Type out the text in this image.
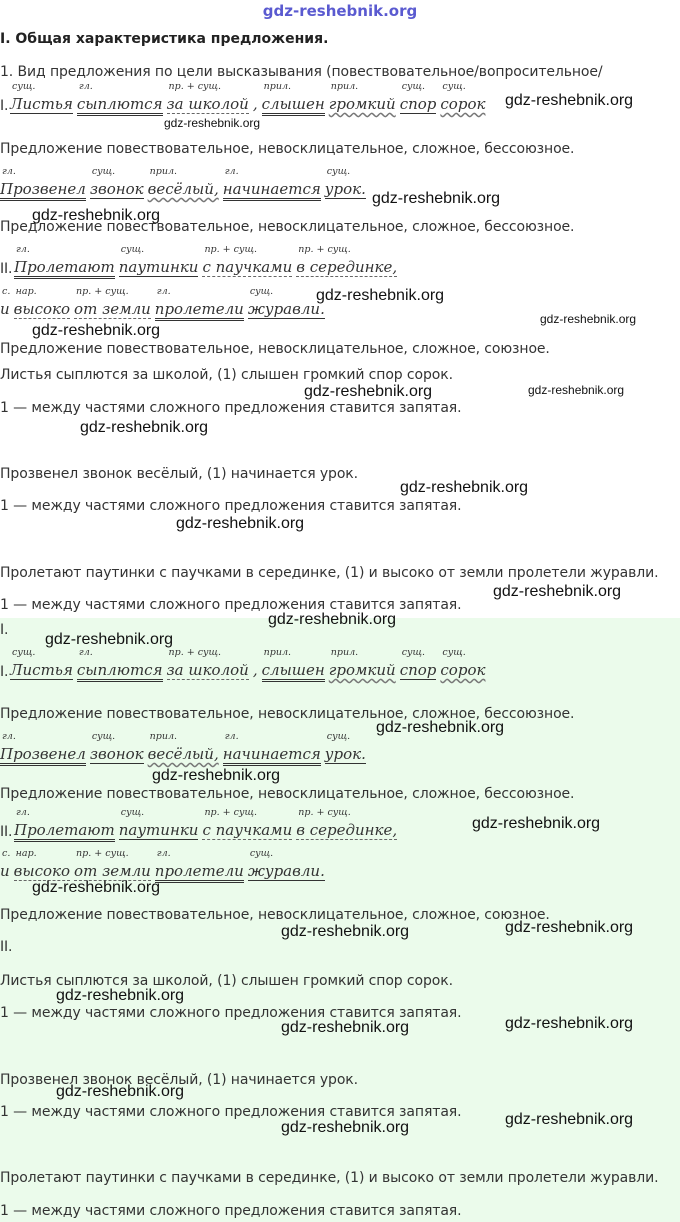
gdz-reshebnik.org
I. Общая характеристика предложения.
1. Вид предложения по цели высказывания (повествовательное/вопросительное/
I. Листья
сущ.
сыплются
гл.
за школой
пр. + сущ.
, слышен
прил.
громкий
прил.
спор
сущ.
сорок
сущ.
gdz-reshebnik.org
gdz-reshebnik.org
Предложение повествовательное, невосклицательное, сложное, бессоюзное.
Прозвенел
гл.
звонок
сущ.
весёлый,
прил.
начинается
гл.
урок.
сущ.
gdz-reshebnik.org
gdz-reshebnik.org
Предложение повествовательное, невосклицательное, сложное, бессоюзное.
II. Пролетают
гл.
паутинки
сущ.
с паучками
пр. + сущ.
в серединке,
пр. + сущ.
и
с.
высоко
нар.
от земли
пр. + сущ.
пролетели
гл.
журавли.
сущ.	gdz-reshebnik.org
gdz-reshebnik.org
gdz-reshebnik.org
Предложение повествовательное, невосклицательное, сложное, союзное.
Листья сыплются за школой, (1) слышен громкий спор сорок.
gdz-reshebnik.org	gdz-reshebnik.org
1 — между частями сложного предложения ставится запятая.
gdz-reshebnik.org
Прозвенел звонок весёлый, (1) начинается урок.
gdz-reshebnik.org
1 — между частями сложного предложения ставится запятая.
gdz-reshebnik.org
Пролетают паутинки с паучками в серединке, (1) и высоко от земли пролетели журавли.
gdz-reshebnik.org
1 — между частями сложного предложения ставится запятая.
gdz-reshebnik.org
I.
gdz-reshebnik.org
I. Листья
сущ.
сыплются
гл.
за школой
пр. + сущ.
, слышен
прил.
громкий
прил.
спор
сущ.
сорок
сущ.
Предложение повествовательное, невосклицательное, сложное, бессоюзное.
gdz-reshebnik.org
Прозвенел
гл.
звонок
сущ.
весёлый,
прил.
начинается
гл.
урок.
сущ.
gdz-reshebnik.org
Предложение повествовательное, невосклицательное, сложное, бессоюзное.
II. Пролетают
гл.
паутинки
сущ.
с паучками
пр. + сущ.
в серединке,
пр. + сущ.
gdz-reshebnik.org
и
с.
высоко
нар.
от земли
пр. + сущ.
пролетели
гл.
журавли.
сущ.
gdz-reshebnik.org
Предложение повествовательное, невосклицательное, сложное, союзное.
gdz-reshebnik.org
gdz-reshebnik.org
II.
Листья сыплются за школой, (1) слышен громкий спор сорок.
gdz-reshebnik.org
1 — между частями сложного предложения ставится запятая.
gdz-reshebnik.org	gdz-reshebnik.org
Прозвенел звонок весёлый, (1) начинается урок.
gdz-reshebnik.org
1 — между частями сложного предложения ставится запятая.	gdz-reshebnik.org
gdz-reshebnik.org
Пролетают паутинки с паучками в серединке, (1) и высоко от земли пролетели журавли.
1 — между частями сложного предложения ставится запятая.
